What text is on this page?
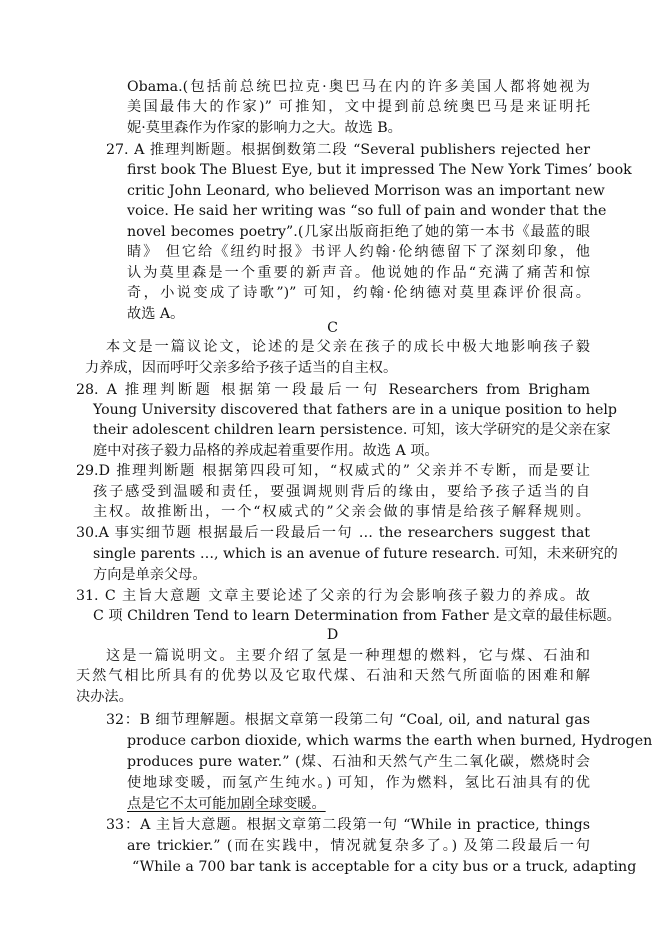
Obama.(包括前总统巴拉克·奥巴马在内的许多美国人都将她视为
美国最伟大的作家)” 可推知，文中提到前总统奥巴马是来证明托
妮·莫里森作为作家的影响力之大。故选 B。
27. A 推理判断题。根据倒数第二段 “Several publishers rejected her
first book The Bluest Eye, but it impressed The New York Times’ book
critic John Leonard, who believed Morrison was an important new
voice. He said her writing was “so full of pain and wonder that the
novel becomes poetry”.(几家出版商拒绝了她的第一本书《最蓝的眼
睛》 但它给《纽约时报》书评人约翰·伦纳德留下了深刻印象，他
认为莫里森是一个重要的新声音。他说她的作品“充满了痛苦和惊
奇，小说变成了诗歌”)” 可知，约翰·伦纳德对莫里森评价很高。
故选 A。
C
本文是一篇议论文，论述的是父亲在孩子的成长中极大地影响孩子毅
力养成，因而呼吁父亲多给予孩子适当的自主权。
28. A 推理判断题 根据第一段最后一句 Researchers from Brigham
Young University discovered that fathers are in a unique position to help
their adolescent children learn persistence. 可知，该大学研究的是父亲在家
庭中对孩子毅力品格的养成起着重要作用。故选 A 项。
29.D 推理判断题 根据第四段可知，“权威式的” 父亲并不专断，而是要让
孩子感受到温暖和责任，要强调规则背后的缘由，要给予孩子适当的自
主权。故推断出，一个“权威式的”父亲会做的事情是给孩子解释规则。
30.A 事实细节题 根据最后一段最后一句 … the researchers suggest that
single parents …, which is an avenue of future research. 可知，未来研究的
方向是单亲父母。
31. C 主旨大意题 文章主要论述了父亲的行为会影响孩子毅力的养成。故
C 项 Children Tend to learn Determination from Father 是文章的最佳标题。
D
这是一篇说明文。主要介绍了氢是一种理想的燃料，它与煤、石油和
天然气相比所具有的优势以及它取代煤、石油和天然气所面临的困难和解
决办法。
32：B 细节理解题。根据文章第一段第二句 “Coal, oil, and natural gas
produce carbon dioxide, which warms the earth when burned, Hydrogen
produces pure water.” (煤、石油和天然气产生二氧化碳，燃烧时会
使地球变暖，而氢产生纯水。) 可知，作为燃料，氢比石油具有的优
点是它不太可能加剧全球变暖。
33：A 主旨大意题。根据文章第二段第一句 “While in practice, things
are trickier.” (而在实践中，情况就复杂多了。) 及第二段最后一句
“While a 700 bar tank is acceptable for a city bus or a truck, adapting
